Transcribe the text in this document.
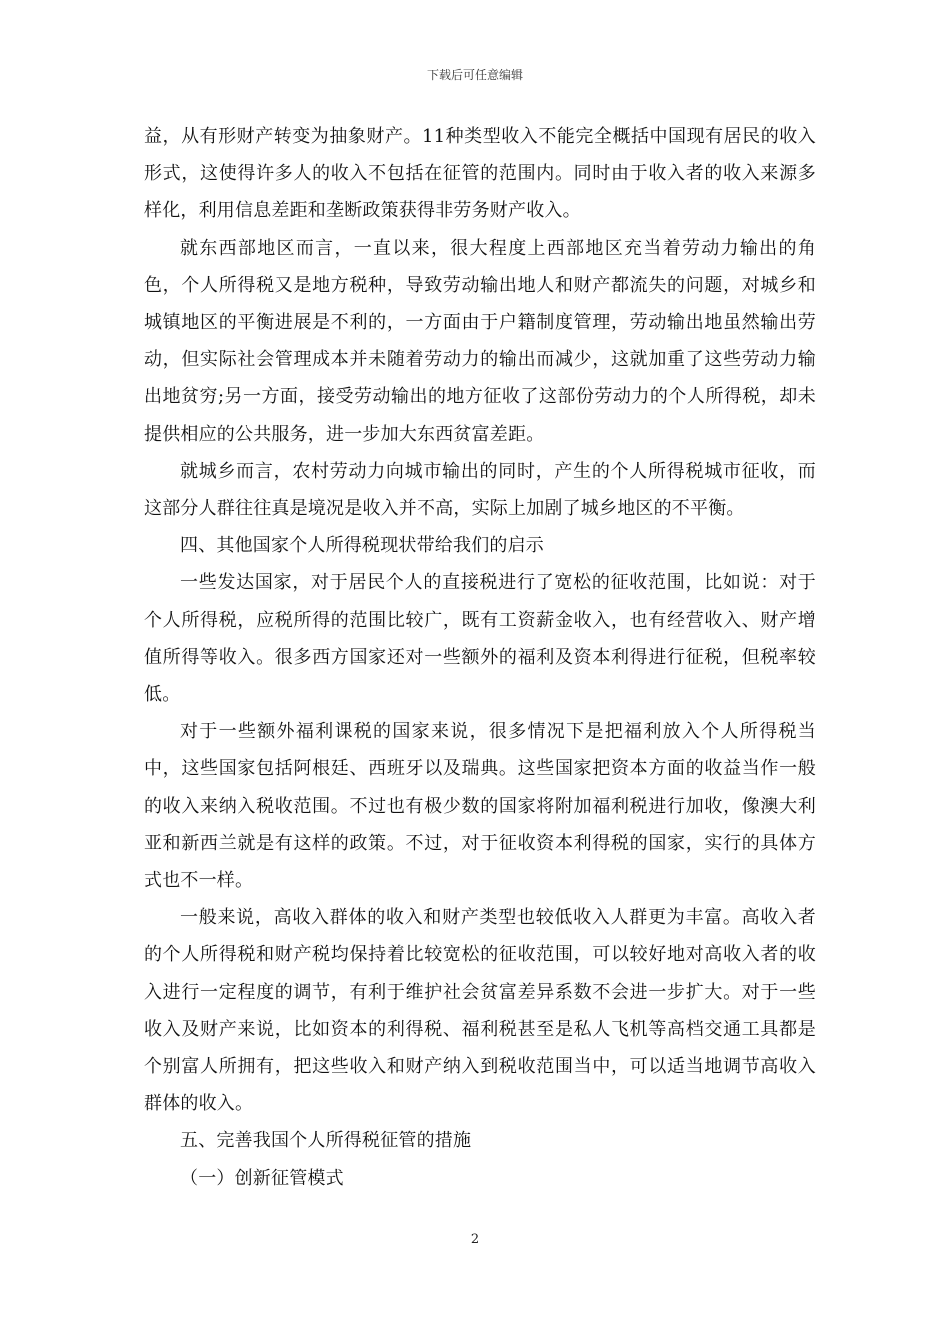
下载后可任意编辑

益，从有形财产转变为抽象财产。11种类型收入不能完全概括中国现有居民的收入形式，这使得许多人的收入不包括在征管的范围内。同时由于收入者的收入来源多样化，利用信息差距和垄断政策获得非劳务财产收入。

就东西部地区而言，一直以来，很大程度上西部地区充当着劳动力输出的角色，个人所得税又是地方税种，导致劳动输出地人和财产都流失的问题，对城乡和城镇地区的平衡进展是不利的，一方面由于户籍制度管理，劳动输出地虽然输出劳动，但实际社会管理成本并未随着劳动力的输出而减少，这就加重了这些劳动力输出地贫穷;另一方面，接受劳动输出的地方征收了这部份劳动力的个人所得税，却未提供相应的公共服务，进一步加大东西贫富差距。

就城乡而言，农村劳动力向城市输出的同时，产生的个人所得税城市征收，而这部分人群往往真是境况是收入并不高，实际上加剧了城乡地区的不平衡。

四、其他国家个人所得税现状带给我们的启示

一些发达国家，对于居民个人的直接税进行了宽松的征收范围，比如说：对于个人所得税，应税所得的范围比较广，既有工资薪金收入，也有经营收入、财产增值所得等收入。很多西方国家还对一些额外的福利及资本利得进行征税，但税率较低。

对于一些额外福利课税的国家来说，很多情况下是把福利放入个人所得税当中，这些国家包括阿根廷、西班牙以及瑞典。这些国家把资本方面的收益当作一般的收入来纳入税收范围。不过也有极少数的国家将附加福利税进行加收，像澳大利亚和新西兰就是有这样的政策。不过，对于征收资本利得税的国家，实行的具体方式也不一样。

一般来说，高收入群体的收入和财产类型也较低收入人群更为丰富。高收入者的个人所得税和财产税均保持着比较宽松的征收范围，可以较好地对高收入者的收入进行一定程度的调节，有利于维护社会贫富差异系数不会进一步扩大。对于一些收入及财产来说，比如资本的利得税、福利税甚至是私人飞机等高档交通工具都是个别富人所拥有，把这些收入和财产纳入到税收范围当中，可以适当地调节高收入群体的收入。

五、完善我国个人所得税征管的措施

（一）创新征管模式

2
